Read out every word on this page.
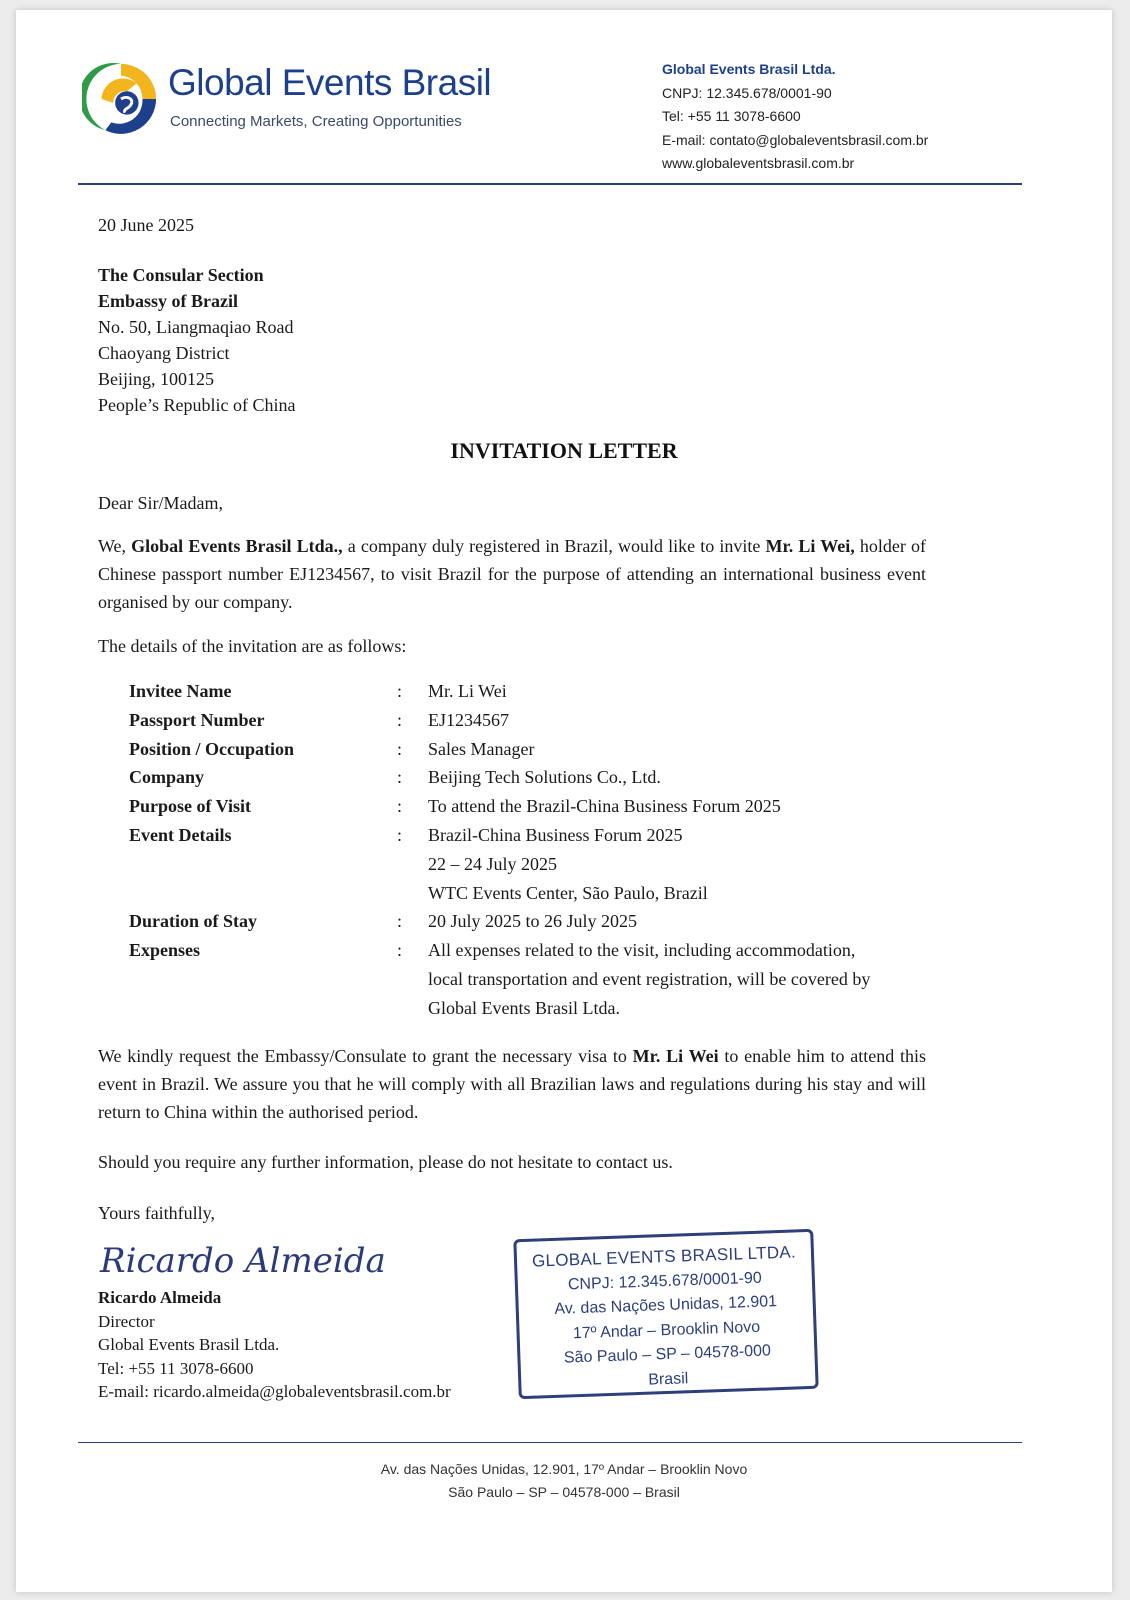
Global Events Brasil
Connecting Markets, Creating Opportunities
Global Events Brasil Ltda.
CNPJ: 12.345.678/0001-90
Tel: +55 11 3078-6600
E-mail: contato@globaleventsbrasil.com.br
www.globaleventsbrasil.com.br
20 June 2025
The Consular Section
Embassy of Brazil
No. 50, Liangmaqiao Road
Chaoyang District
Beijing, 100125
People’s Republic of China
INVITATION LETTER
Dear Sir/Madam,
We, Global Events Brasil Ltda., a company duly registered in Brazil, would like to invite Mr. Li Wei, holder of Chinese passport number EJ1234567, to visit Brazil for the purpose of attending an international business event organised by our company.
The details of the invitation are as follows:
Invitee Name	:	Mr. Li Wei
Passport Number	:	EJ1234567
Position / Occupation	:	Sales Manager
Company	:	Beijing Tech Solutions Co., Ltd.
Purpose of Visit	:	To attend the Brazil-China Business Forum 2025
Event Details	:	Brazil-China Business Forum 2025
22 – 24 July 2025
WTC Events Center, São Paulo, Brazil
Duration of Stay	:	20 July 2025 to 26 July 2025
Expenses	:	All expenses related to the visit, including accommodation,
local transportation and event registration, will be covered by
Global Events Brasil Ltda.
We kindly request the Embassy/Consulate to grant the necessary visa to Mr. Li Wei to enable him to attend this event in Brazil. We assure you that he will comply with all Brazilian laws and regulations during his stay and will return to China within the authorised period.
Should you require any further information, please do not hesitate to contact us.
Yours faithfully,
Ricardo Almeida
Ricardo Almeida
Director
Global Events Brasil Ltda.
Tel: +55 11 3078-6600
E-mail: ricardo.almeida@globaleventsbrasil.com.br
GLOBAL EVENTS BRASIL LTDA.
CNPJ: 12.345.678/0001-90
Av. das Nações Unidas, 12.901
17º Andar – Brooklin Novo
São Paulo – SP – 04578-000
Brasil
Av. das Nações Unidas, 12.901, 17º Andar – Brooklin Novo
São Paulo – SP – 04578-000 – Brasil
